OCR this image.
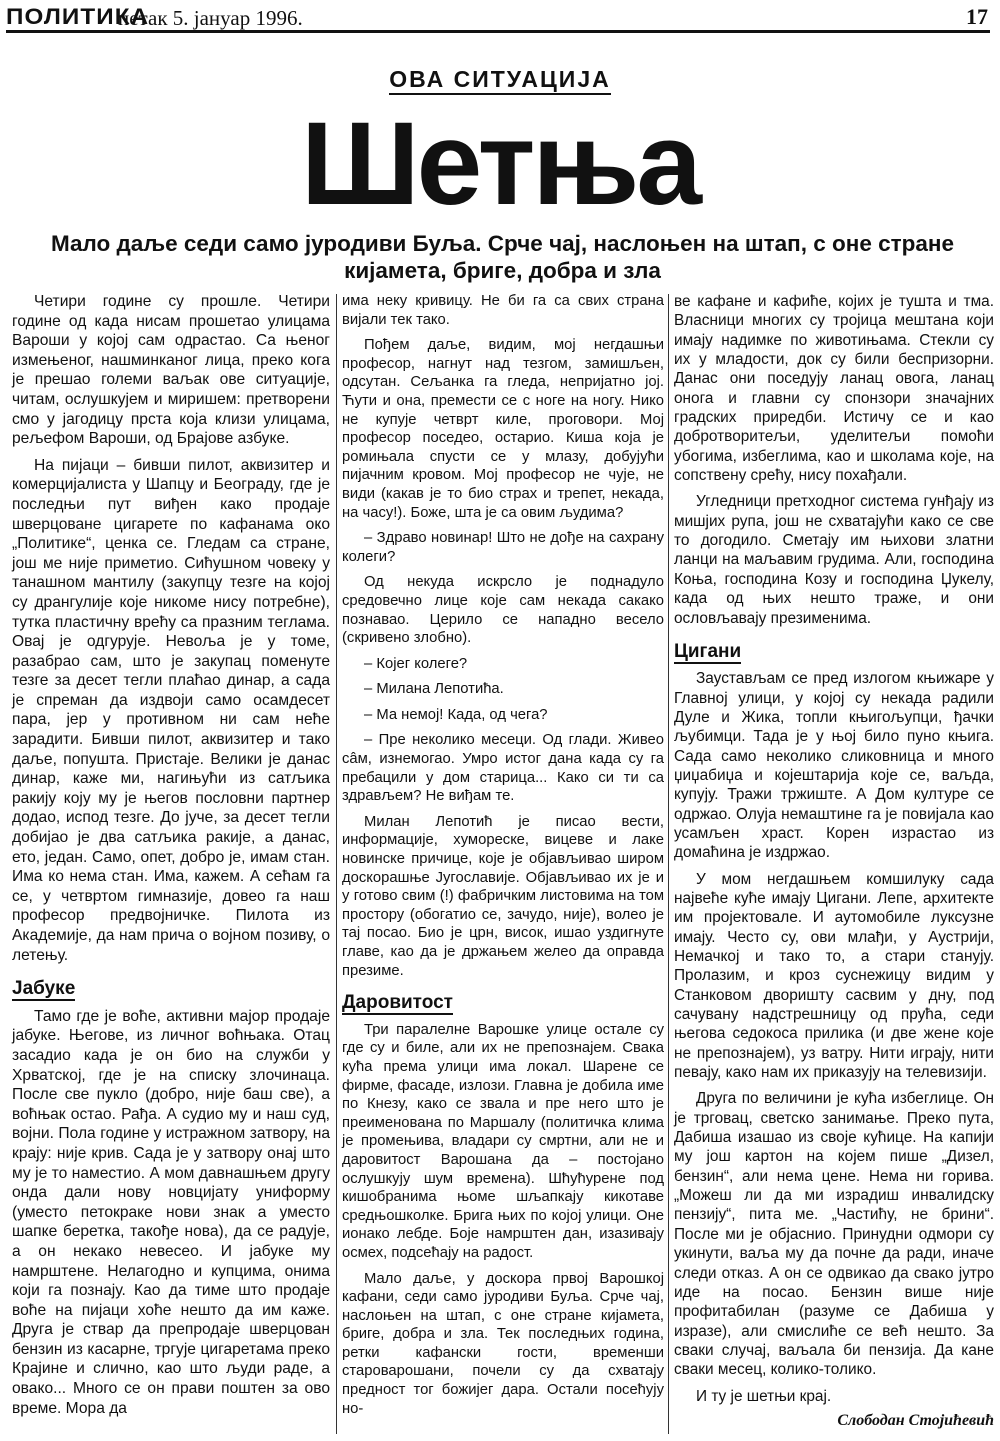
ПОЛИТИКА
петак 5. јануар 1996.	17
ОВА СИТУАЦИЈА
Шетња
Мало даље седи само јуродиви Буља. Срче чај, наслоњен на штап, с оне стране кијамета, бриге, добра и зла

Четири године су прошле. Четири године од када нисам прошетао улицама Вароши у којој сам одрастао. Са њеног измењеног, нашминканог лица, преко кога је прешао големи ваљак ове ситуације, читам, ослушкујем и миришем: претворени смо у јагодицу прста која клизи улицама, рељефом Вароши, од Брајове азбуке.

На пијаци – бивши пилот, аквизитер и комерцијалиста у Шапцу и Београду, где је последњи пут виђен како продаје шверцоване цигарете по кафанама око „Политике“, ценка се. Гледам са стране, још ме није приметио. Сићушном човеку у танашном мантилу (закупцу тезге на којој су дрангулије које никоме нису потребне), тутка пластичну врећу са празним тегламa. Овај је одгурује. Невоља је у томе, разабрао сам, што је закупац поменуте тезге за десет тегли плаћао динар, а сада је спреман да издвоји само осамдесет пара, јер у противном ни сам неће зарадити. Бивши пилот, аквизитер и тако даље, попушта. Пристаје. Велики је данас динар, каже ми, нагињући из сатљика ракију коју му је његов пословни партнер додао, испод тезге. До јуче, за десет тегли добијао је два сатљика ракије, а данас, ето, један. Само, опет, добро је, имам стан. Има ко нема стан. Има, кажем. А сећам га се, у четвртом гимназије, довео га наш професор предвојничке. Пилота из Академије, да нам прича о војном позиву, о летењу.

Јабуке

Тамо где је воће, активни мајор продаје јабуке. Његове, из личног воћњака. Отац засадио када је он био на служби у Хрватској, где је на списку злочинаца. После све пукло (добро, није баш све), а воћњак остао. Рађа. А судио му и наш суд, војни. Пола године у истражном затвору, на крају: није крив. Сада је у затвору онај што му је то наместио. А мом давнашњем другу онда дали нову новцијату униформу (уместо петокраке нови знак а уместо шапке беретка, такође нова), да се радује, а он некако невесео. И јабуке му намрштене. Нелагодно и купцима, онима који га познају. Као да тиме што продаје воће на пијаци хоће нешто да им каже. Друга је ствар да препродаје шверцован бензин из касарне, тргује цигаретама преко Крајине и слично, као што људи раде, а овако... Много се он прави поштен за ово време. Мора да

има неку кривицу. Не би га са свих страна вијали тек тако.

Пођем даље, видим, мој негдашњи професор, нагнут над тезгом, замишљен, одсутан. Сељанка га гледа, непријатно јој. Ћути и она, премести се с ноге на ногу. Нико не купује четврт киле, проговори. Мој професор поседео, остарио. Киша која је ромињала спусти се у млазу, добујући пијачним кровом. Мој професор не чује, не види (какав је то био страх и трепет, некада, на часу!). Боже, шта је са овим људима?

– Здраво новинар! Што не дође на сахрану колеги?

Од некуда искрсло је поднадуло средовечно лице које сам некада сакако познавао. Церило се нападно весело (скривено злобно).

– Којег колеге?

– Милана Лепотића.

– Ма немој! Када, од чега?

– Пре неколико месеци. Од глади. Живео сâм, изнемогао. Умро истог дана када су га пребацили у дом старица... Како си ти са здрављем? Не виђам те.

Милан Лепотић је писао вести, информације, хуморескe, вицеве и лаке новинске причице, које је објављивао широм доскорашње Југославије. Објављивао их је и у готово свим (!) фабричким листовима на том простору (обогатио се, зачудо, није), волео је тај посао. Био је црн, висок, ишао уздигнуте главе, као да је држањем желео да оправда презиме.

Даровитост

Три паралелне Варошке улице остале су где су и биле, али их не препознајем. Свака кућа према улици има локал. Шарене се фирме, фасаде, излози. Главна је добила име по Кнезу, како се звала и пре него што је преименована по Маршалу (политичка клима је промењива, владари су смртни, али не и даровитост Варошана да – постојано ослушкују шум времена). Шћућурене под кишобранима њоме шљапкају кикотаве средњошколке. Брига њих по којој улици. Оне ионако лебде. Боје намрштен дан, изазивају осмех, подсећају на радост.

Мало даље, у доскора првој Варошкој кафани, седи само јуродиви Буља. Срче чај, наслоњен на штап, с оне стране кијамета, бриге, добра и зла. Тек последњих година, ретки кафански гости, временши староварошани, почели су да схватају предност тог божијег дара. Остали посећују но-

ве кафане и кафиће, којих је тушта и тма. Власници многих су тројица мештана који имају надимке по животињама. Стекли су их у младости, док су били беспризорни. Данас они поседују ланац овога, ланац онога и главни су спонзори значајних градских приредби. Истичу се и као добротворитељи, уделитељи помоћи убогима, избеглима, као и школама које, на сопствену срећу, нису похађали.

Угледници претходног система гунђају из мишјих рупа, још не схватајући како се све то догодило. Сметају им њихови златни ланци на маљавим грудима. Али, господина Коња, господина Козу и господина Џукелу, када од њих нешто траже, и они ословљавају презименима.

Цигани

Заустављам се пред излогом књижаре у Главној улици, у којој су некада радили Дуле и Жика, топли књигољупци, ђачки љубимци. Тада је у њој било пуно књига. Сада само неколико сликовница и много џиџабиџа и којештарија које се, ваљда, купују. Тражи тржиште. А Дом културе се одржао. Олуја немаштине га је повијала као усамљен храст. Корен израстао из домаћина је издржао.

У мом негдашњем комшилуку сада највеће куће имају Цигани. Лепе, архитекте им пројектовале. И аутомобиле луксузне имају. Често су, ови млађи, у Аустрији, Немачкој и тако то, а стари станују. Пролазим, и кроз суснежицу видим у Станковом дворишту сасвим у дну, под сачувану надстрешницу од прућа, седи његова седокоса прилика (и две жене које не препознајем), уз ватру. Нити играју, нити певају, како нам их приказују на телевизији.

Друга по величини је кућа избеглице. Он је трговац, светско занимање. Преко пута, Дабиша изашао из своје кућице. На капији му још картон на којем пише „Дизел, бензин“, али нема цене. Нема ни горива. „Можеш ли да ми израдиш инвалидску пензију“, пита ме. „Частићу, не брини“. После ми је објаснио. Принудни одмори су укинути, ваља му да почне да ради, иначе следи отказ. А он се одвикао да свако јутро иде на посао. Бензин више није профитабилан (разуме се Дабиша у изразе), али смислиће се већ нешто. За сваки случај, ваљала би пензија. Да кане сваки месец, колико-толико.

И ту је шетњи крај.

Слободан Стојићевић
